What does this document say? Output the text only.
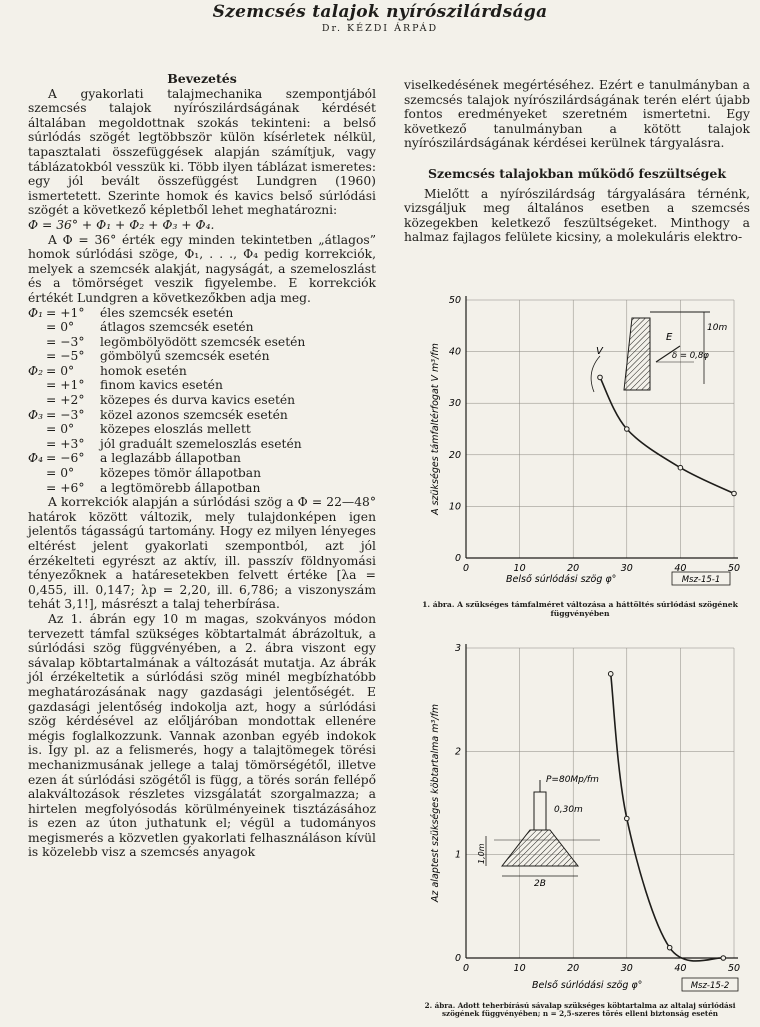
Szemcsés talajok nyírószilárdsága
Dr. KÉZDI ÁRPÁD
Bevezetés

A gyakorlati talajmechanika szempontjából szemcsés talajok nyírószilárdságának kérdését általában megoldottnak szokás tekinteni: a belső súrlódás szögét legtöbbször külön kísérletek nélkül, tapasztalati összefüggések alapján számítjuk, vagy táblázatokból vesszük ki. Több ilyen táblázat ismeretes: egy jól bevált összefüggést Lundgren (1960) ismertetett. Szerinte homok és kavics belső súrlódási szögét a következő képletből lehet meghatározni:

Φ = 36° + Φ₁ + Φ₂ + Φ₃ + Φ₄.

A Φ = 36° érték egy minden tekintetben „átlagos” homok súrlódási szöge, Φ₁, . . ., Φ₄ pedig korrekciók, melyek a szemcsék alakját, nagyságát, a szemeloszlást és a tömörséget veszik figyelembe. E korrekciók értékét Lundgren a következőkben adja meg.

Φ₁ = +1°	éles szemcsék esetén
= 0°	átlagos szemcsék esetén
= −3°	legömbölyödött szemcsék esetén
= −5°	gömbölyű szemcsék esetén
Φ₂ = 0°	homok esetén
= +1°	finom kavics esetén
= +2°	közepes és durva kavics esetén
Φ₃ = −3°	közel azonos szemcsék esetén
= 0°	közepes eloszlás mellett
= +3°	jól graduált szemeloszlás esetén
Φ₄ = −6°	a leglazább állapotban
= 0°	közepes tömör állapotban
= +6°	a legtömörebb állapotban

A korrekciók alapján a súrlódási szög a Φ = 22—48° határok között változik, mely tulajdonképen igen jelentős tágasságú tartomány. Hogy ez milyen lényeges eltérést jelent gyakorlati szempontból, azt jól érzékelteti egyrészt az aktív, ill. passzív földnyomási tényezőknek a határesetekben felvett értéke [λa = 0,455, ill. 0,147; λp = 2,20, ill. 6,786; a viszonyszám tehát 3,1!], másrészt a talaj teherbírása.

Az 1. ábrán egy 10 m magas, szokványos módon tervezett támfal szükséges köbtartalmát ábrázoltuk, a súrlódási szög függvényében, a 2. ábra viszont egy sávalap köbtartalmának a változását mutatja. Az ábrák jól érzékeltetik a súrlódási szög minél megbízhatóbb meghatározásának nagy gazdasági jelentőségét. E gazdasági jelentőség indokolja azt, hogy a súrlódási szög kérdésével az előljáróban mondottak ellenére mégis foglalkozzunk. Vannak azonban egyéb indokok is. Így pl. az a felismerés, hogy a talajtömegek törési mechanizmusának jellege a talaj tömörségétől, illetve ezen át súrlódási szögétől is függ, a törés során fellépő alakváltozások részletes vizsgálatát szorgalmazza; a hirtelen megfolyósodás körülményeinek tisztázásához is ezen az úton juthatunk el; végül a tudományos megismerés a közvetlen gyakorlati felhasználáson kívül is közelebb visz a szemcsés anyagok

viselkedésének megértéséhez. Ezért e tanulmányban a szemcsés talajok nyírószilárdságának terén elért újabb fontos eredményeket szeretném ismertetni. Egy következő tanulmányban a kötött talajok nyírószilárdságának kérdései kerülnek tárgyalásra.

Szemcsés talajokban működő feszültségek

Mielőtt a nyírószilárdság tárgyalására térnénk, vizsgáljuk meg általános esetben a szemcsés közegekben keletkező feszültségeket. Minthogy a halmaz fajlagos felülete kicsiny, a molekuláris elektro-

0	10	20	30	40	50
0
10
20
30
40
50
V
10m
E
δ = 0,8φ
A szükséges támfaltérfogat V m³/fm
Belső súrlódási szög φ°	Msz-15-1
1. ábra. A szükséges támfalméret változása a háttöltés súrlódási szögének függvényében
0	10	20	30	40	50
0
1
2
3
P=80Mp/fm
0,30m
1,0m
2B
Az alaptest szükséges köbtartalma m³/fm
Belső súrlódási szög φ°	Msz-15-2
2. ábra. Adott teherbírású sávalap szükséges köbtartalma az altalaj súrlódási szögének függvényében; n = 2,5-szeres törés elleni biztonság esetén
